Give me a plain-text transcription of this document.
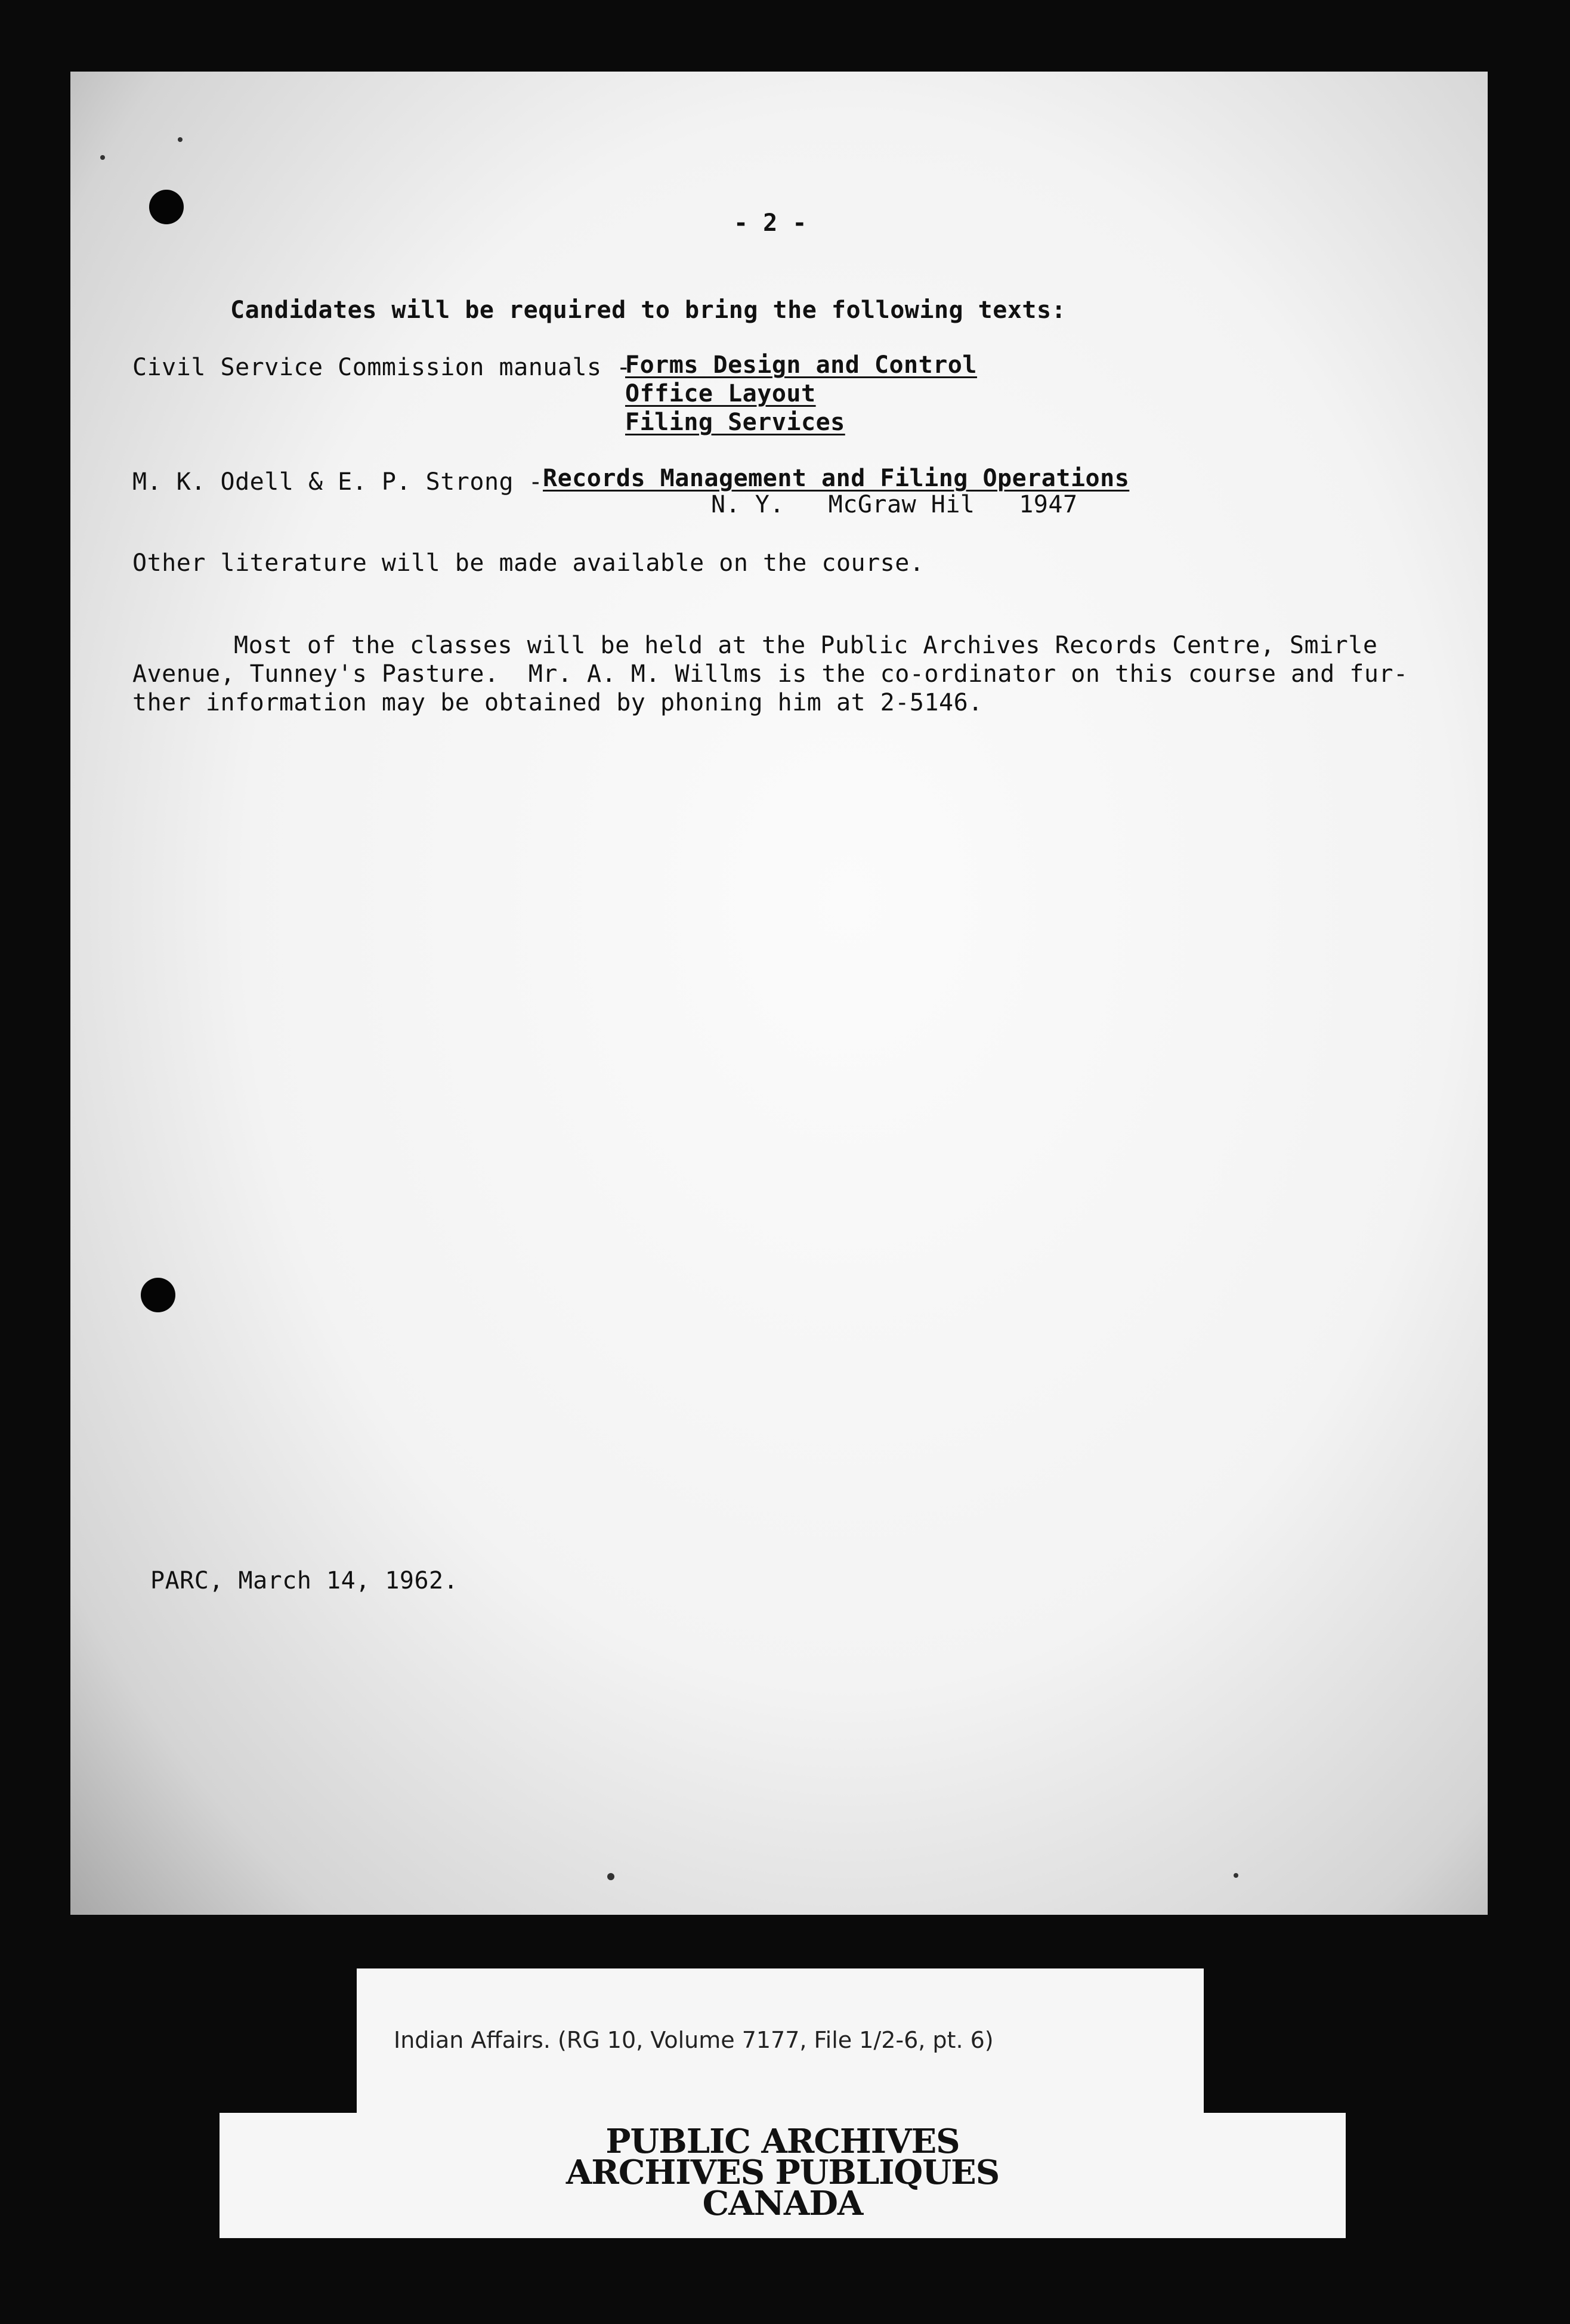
- 2 -
Candidates will be required to bring the following texts:
Civil Service Commission manuals -
Forms Design and Control
Office Layout
Filing Services
M. K. Odell & E. P. Strong - Records Management and Filing Operations
N. Y.   McGraw Hil   1947
Other literature will be made available on the course.
Most of the classes will be held at the Public Archives Records Centre, Smirle
Avenue, Tunney's Pasture.  Mr. A. M. Willms is the co-ordinator on this course and fur-
ther information may be obtained by phoning him at 2-5146.
PARC, March 14, 1962.
Indian Affairs. (RG 10, Volume 7177, File 1/2-6, pt. 6)
PUBLIC ARCHIVES
ARCHIVES PUBLIQUES
CANADA
